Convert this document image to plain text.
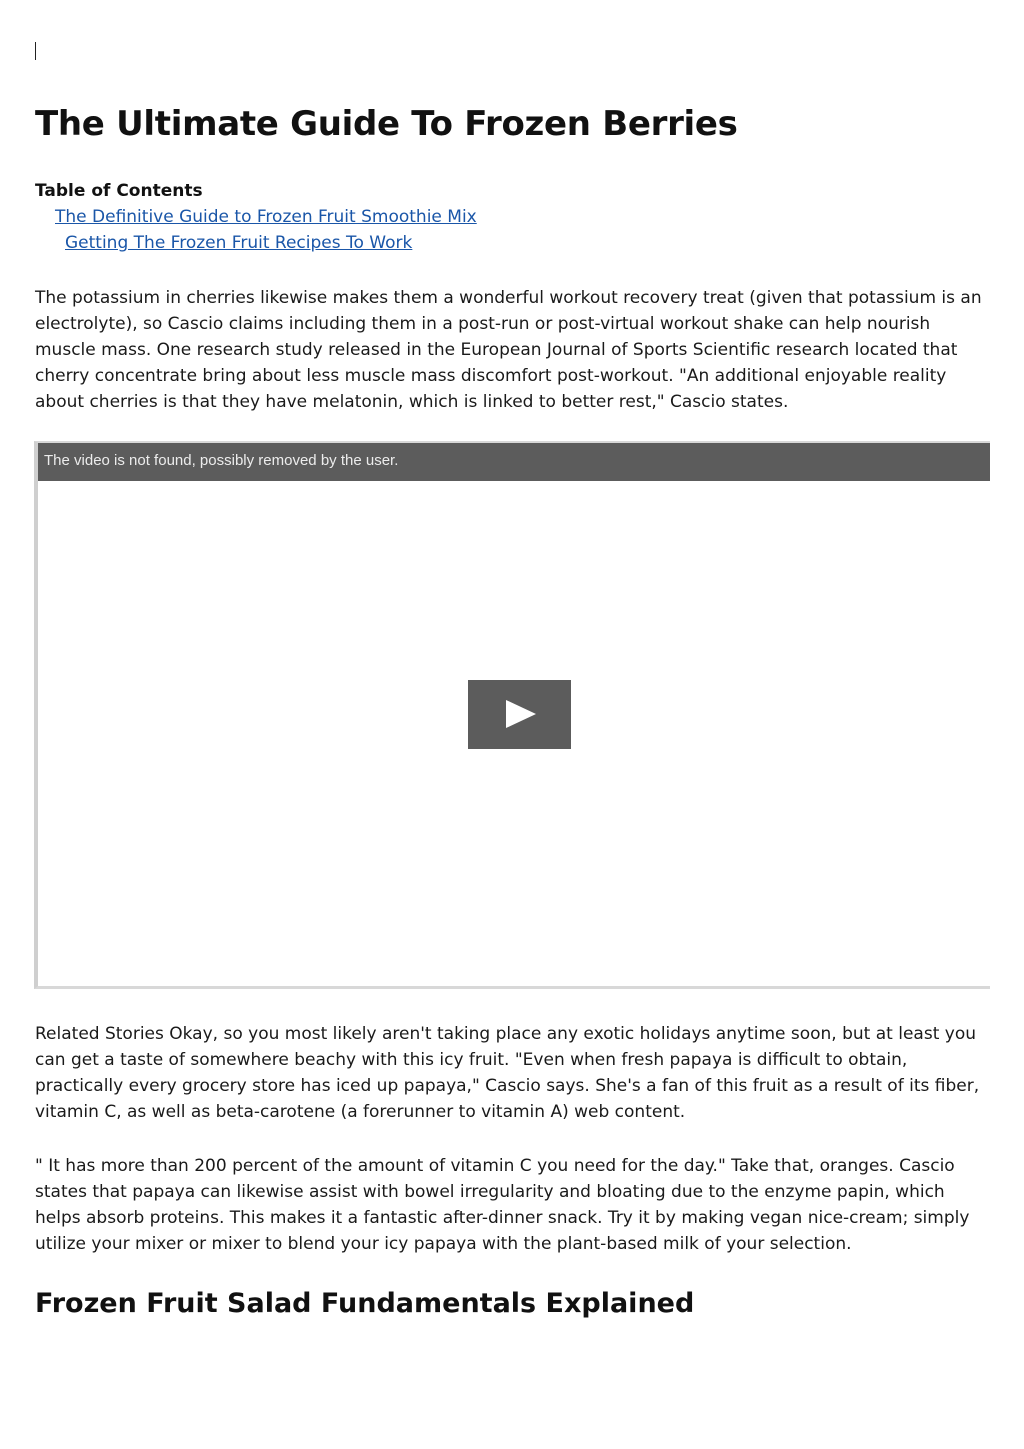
The Ultimate Guide To Frozen Berries
Table of Contents
The Definitive Guide to Frozen Fruit Smoothie Mix
Getting The Frozen Fruit Recipes To Work

The potassium in cherries likewise makes them a wonderful workout recovery treat (given that potassium is an electrolyte), so Cascio claims including them in a post-run or post-virtual workout shake can help nourish muscle mass. One research study released in the European Journal of Sports Scientific research located that cherry concentrate bring about less muscle mass discomfort post-workout. "An additional enjoyable reality about cherries is that they have melatonin, which is linked to better rest," Cascio states.

The video is not found, possibly removed by the user.

Related Stories Okay, so you most likely aren't taking place any exotic holidays anytime soon, but at least you can get a taste of somewhere beachy with this icy fruit. "Even when fresh papaya is difficult to obtain, practically every grocery store has iced up papaya," Cascio says. She's a fan of this fruit as a result of its fiber, vitamin C, as well as beta-carotene (a forerunner to vitamin A) web content.

" It has more than 200 percent of the amount of vitamin C you need for the day." Take that, oranges. Cascio states that papaya can likewise assist with bowel irregularity and bloating due to the enzyme papin, which helps absorb proteins. This makes it a fantastic after-dinner snack. Try it by making vegan nice-cream; simply utilize your mixer or mixer to blend your icy papaya with the plant-based milk of your selection.

Frozen Fruit Salad Fundamentals Explained
